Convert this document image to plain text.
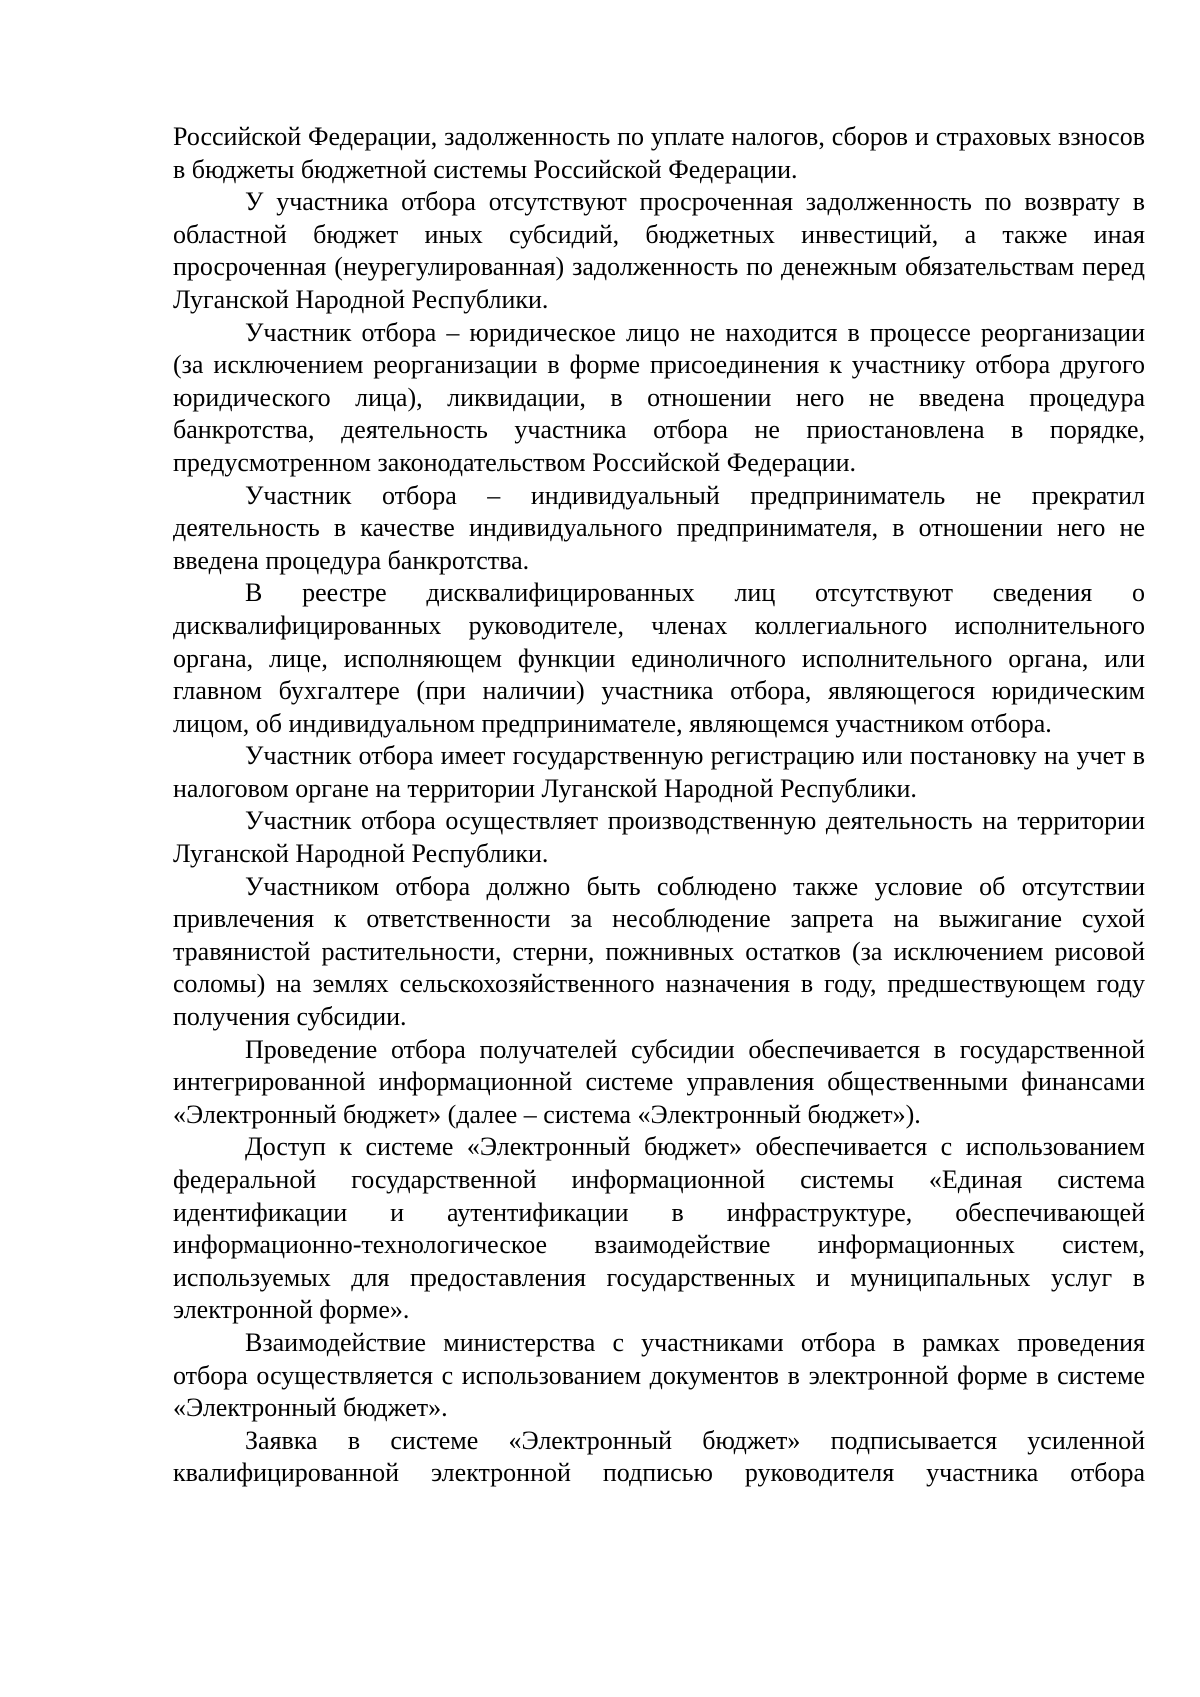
Российской Федерации, задолженность по уплате налогов, сборов и страховых взносов в бюджеты бюджетной системы Российской Федерации.

У участника отбора отсутствуют просроченная задолженность по возврату в областной бюджет иных субсидий, бюджетных инвестиций, а также иная просроченная (неурегулированная) задолженность по денежным обязательствам перед Луганской Народной Республики.

Участник отбора – юридическое лицо не находится в процессе реорганизации (за исключением реорганизации в форме присоединения к участнику отбора другого юридического лица), ликвидации, в отношении него не введена процедура банкротства, деятельность участника отбора не приостановлена в порядке, предусмотренном законодательством Российской Федерации.

Участник отбора – индивидуальный предприниматель не прекратил деятельность в качестве индивидуального предпринимателя, в отношении него не введена процедура банкротства.

В реестре дисквалифицированных лиц отсутствуют сведения о дисквалифицированных руководителе, членах коллегиального исполнительного органа, лице, исполняющем функции единоличного исполнительного органа, или главном бухгалтере (при наличии) участника отбора, являющегося юридическим лицом, об индивидуальном предпринимателе, являющемся участником отбора.

Участник отбора имеет государственную регистрацию или постановку на учет в налоговом органе на территории Луганской Народной Республики.

Участник отбора осуществляет производственную деятельность на территории Луганской Народной Республики.

Участником отбора должно быть соблюдено также условие об отсутствии привлечения к ответственности за несоблюдение запрета на выжигание сухой травянистой растительности, стерни, пожнивных остатков (за исключением рисовой соломы) на землях сельскохозяйственного назначения в году, предшествующем году получения субсидии.

Проведение отбора получателей субсидии обеспечивается в государственной интегрированной информационной системе управления общественными финансами «Электронный бюджет» (далее – система «Электронный бюджет»).

Доступ к системе «Электронный бюджет» обеспечивается с использованием федеральной государственной информационной системы «Единая система идентификации и аутентификации в инфраструктуре, обеспечивающей информационно-технологическое взаимодействие информационных систем, используемых для предоставления государственных и муниципальных услуг в электронной форме».

Взаимодействие министерства с участниками отбора в рамках проведения отбора осуществляется с использованием документов в электронной форме в системе «Электронный бюджет».

Заявка в системе «Электронный бюджет» подписывается усиленной квалифицированной электронной подписью руководителя участника отбора
